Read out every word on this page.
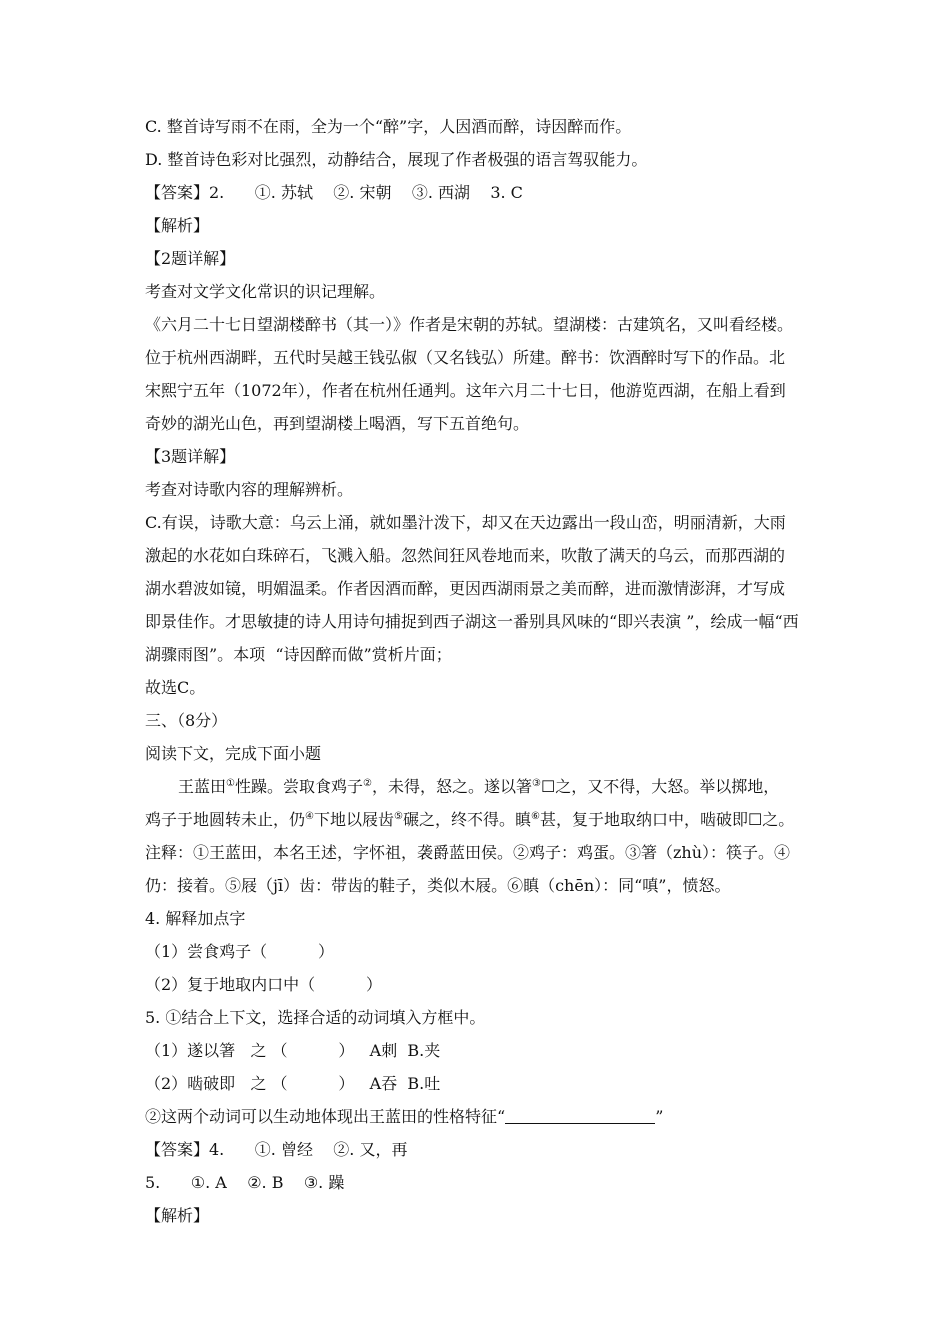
C. 整首诗写雨不在雨，全为一个“醉”字，人因酒而醉，诗因醉而作。
D. 整首诗色彩对比强烈，动静结合，展现了作者极强的语言驾驭能力。
【答案】2.      ①. 苏轼    ②. 宋朝    ③. 西湖    3. C
【解析】
【2题详解】
考查对文学文化常识的识记理解。
《六月二十七日望湖楼醉书（其一）》作者是宋朝的苏轼。望湖楼：古建筑名，又叫看经楼。
位于杭州西湖畔，五代时吴越王钱弘俶（又名钱弘）所建。醉书：饮酒醉时写下的作品。北
宋熙宁五年（1072年），作者在杭州任通判。这年六月二十七日，他游览西湖，在船上看到
奇妙的湖光山色，再到望湖楼上喝酒，写下五首绝句。
【3题详解】
考查对诗歌内容的理解辨析。
C.有误，诗歌大意：乌云上涌，就如墨汁泼下，却又在天边露出一段山峦，明丽清新，大雨
激起的水花如白珠碎石，飞溅入船。忽然间狂风卷地而来，吹散了满天的乌云，而那西湖的
湖水碧波如镜，明媚温柔。作者因酒而醉，更因西湖雨景之美而醉，进而激情澎湃，才写成
即景佳作。才思敏捷的诗人用诗句捕捉到西子湖这一番别具风味的“即兴表演 ”，绘成一幅“西
湖骤雨图”。本项  “诗因醉而做”赏析片面；
故选C。
三、（8分）
阅读下文，完成下面小题
王蓝田①性躁。尝取食鸡子②，未得，怒之。遂以箸③☐之，又不得，大怒。举以掷地，
鸡子于地圆转未止，仍④下地以屐齿⑤碾之，终不得。瞋⑥甚，复于地取纳口中，啮破即☐之。
注释：①王蓝田，本名王述，字怀祖，袭爵蓝田侯。②鸡子：鸡蛋。③箸（zhù）：筷子。④
仍：接着。⑤屐（jī）齿：带齿的鞋子，类似木屐。⑥瞋（chēn）：同“嗔”，愤怒。
4. 解释加点字
（1）尝食鸡子（          ）
（2）复于地取内口中（          ）
5. ①结合上下文，选择合适的动词填入方框中。
（1）遂以箸   之 （          ）   A刺  B.夹
（2）啮破即   之 （          ）   A吞  B.吐
②这两个动词可以生动地体现出王蓝田的性格特征“	”
【答案】4.      ①. 曾经    ②. 又，再
5.      ①. A    ②. B    ③. 躁
【解析】
